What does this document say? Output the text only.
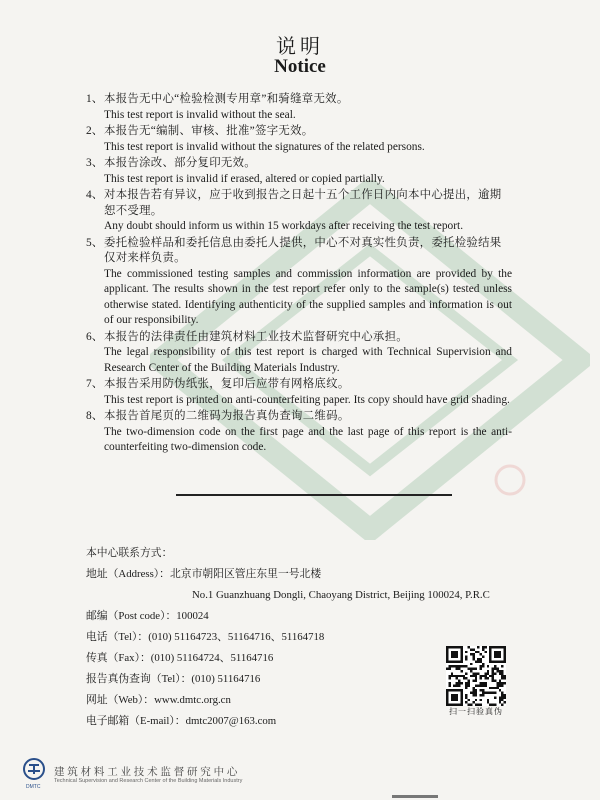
说明
Notice
1、 本报告无中心“检验检测专用章”和骑缝章无效。
This test report is invalid without the seal.
2、 本报告无“编制、审核、批准”签字无效。
This test report is invalid without the signatures of the related persons.
3、 本报告涂改、部分复印无效。
This test report is invalid if erased, altered or copied partially.
4、 对本报告若有异议，应于收到报告之日起十五个工作日内向本中心提出，逾期恕不受理。
Any doubt should inform us within 15 workdays after receiving the test report.
5、 委托检验样品和委托信息由委托人提供，中心不对真实性负责，委托检验结果仅对来样负责。
The commissioned testing samples and commission information are provided by the applicant. The results shown in the test report refer only to the sample(s) tested unless otherwise stated. Identifying authenticity of the supplied samples and information is out of our responsibility.
6、 本报告的法律责任由建筑材料工业技术监督研究中心承担。
The legal responsibility of this test report is charged with Technical Supervision and Research Center of the Building Materials Industry.
7、 本报告采用防伪纸张，复印后应带有网格底纹。
This test report is printed on anti-counterfeiting paper. Its copy should have grid shading.
8、 本报告首尾页的二维码为报告真伪查询二维码。
The two-dimension code on the first page and the last page of this report is the anti-counterfeiting two-dimension code.
本中心联系方式：
地址（Address）：北京市朝阳区管庄东里一号北楼
No.1 Guanzhuang Dongli, Chaoyang District, Beijing 100024, P.R.C
邮编（Post code）：100024
电话（Tel）：(010) 51164723、51164716、51164718
传真（Fax）：(010) 51164724、51164716
报告真伪查询（Tel）：(010) 51164716
网址（Web）：www.dmtc.org.cn
电子邮箱（E-mail）：dmtc2007@163.com
扫一扫验真伪
DMTC
建筑材料工业技术监督研究中心
Technical Supervision and Research Center of the Building Materials Industry
